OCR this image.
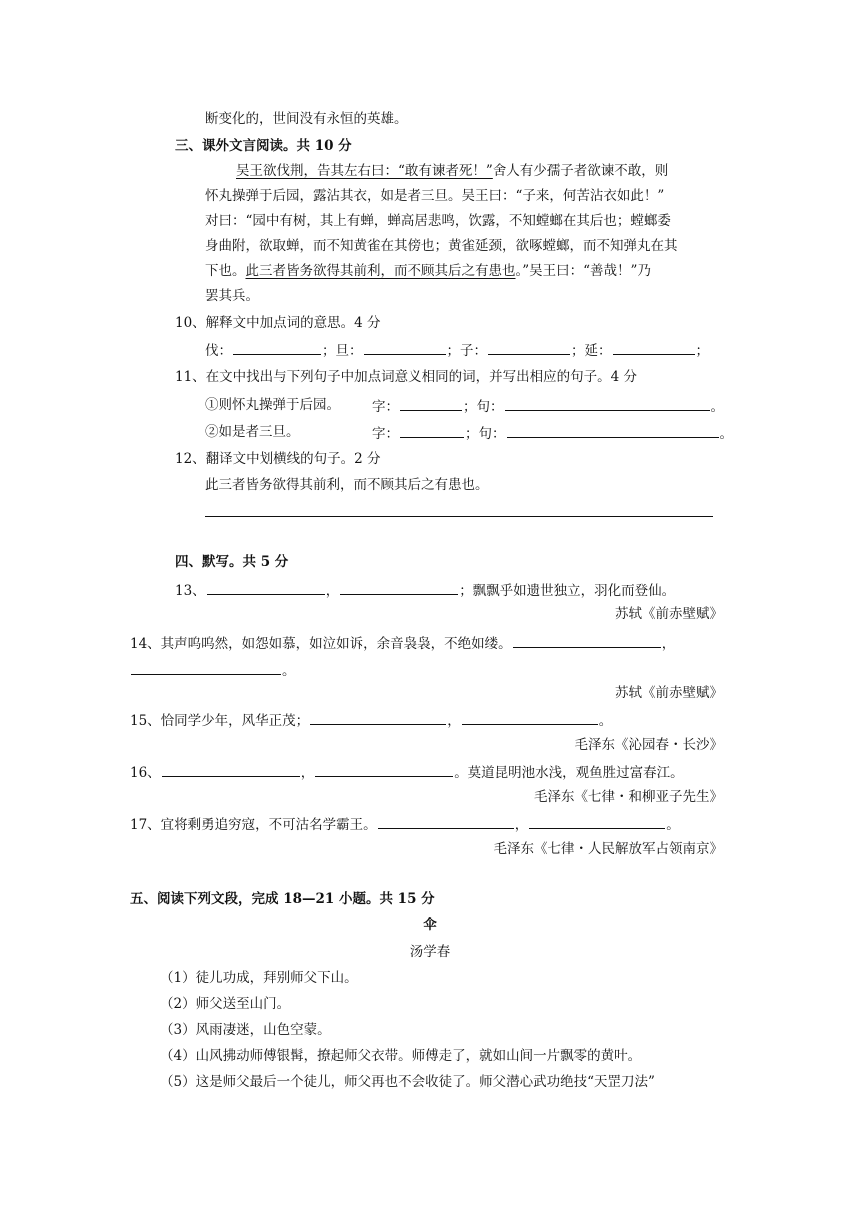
断变化的，世间没有永恒的英雄。
三、课外文言阅读。共 10 分
吴王欲伐荆，告其左右曰：“敢有谏者死！”舍人有少孺子者欲谏不敢，则
怀丸操弹于后园，露沾其衣，如是者三旦。吴王曰：“子来，何苦沾衣如此！”
对曰：“园中有树，其上有蝉，蝉高居悲鸣，饮露，不知螳螂在其后也；螳螂委
身曲附，欲取蝉，而不知黄雀在其傍也；黄雀延颈，欲啄螳螂，而不知弹丸在其
下也。此三者皆务欲得其前利，而不顾其后之有患也。”吴王曰：“善哉！”乃
罢其兵。
10、解释文中加点词的意思。4 分
伐：	；旦：	；子：	；延：	；
11、在文中找出与下列句子中加点词意义相同的词，并写出相应的句子。4 分
①则怀丸操弹于后园。 字：	；句：	。
②如是者三旦。	字：	；句：	。
12、翻译文中划横线的句子。2 分
此三者皆务欲得其前利，而不顾其后之有患也。
四、默写。共 5 分
13、	，	；飘飘乎如遗世独立，羽化而登仙。
苏轼《前赤壁赋》
14、其声呜呜然，如怨如慕，如泣如诉，余音袅袅，不绝如缕。	，
。
苏轼《前赤壁赋》
15、恰同学少年，风华正茂；	，	。
毛泽东《沁园春・长沙》
16、	，	。莫道昆明池水浅，观鱼胜过富春江。
毛泽东《七律・和柳亚子先生》
17、宜将剩勇追穷寇，不可沽名学霸王。	，	。
毛泽东《七律・人民解放军占领南京》
五、阅读下列文段，完成 18—21 小题。共 15 分
伞
汤学春
（1）徒儿功成，拜别师父下山。
（2）师父送至山门。
（3）风雨凄迷，山色空蒙。
（4）山风拂动师傅银髯，撩起师父衣带。师傅走了，就如山间一片飘零的黄叶。
（5）这是师父最后一个徒儿，师父再也不会收徒了。师父潜心武功绝技“天罡刀法”
